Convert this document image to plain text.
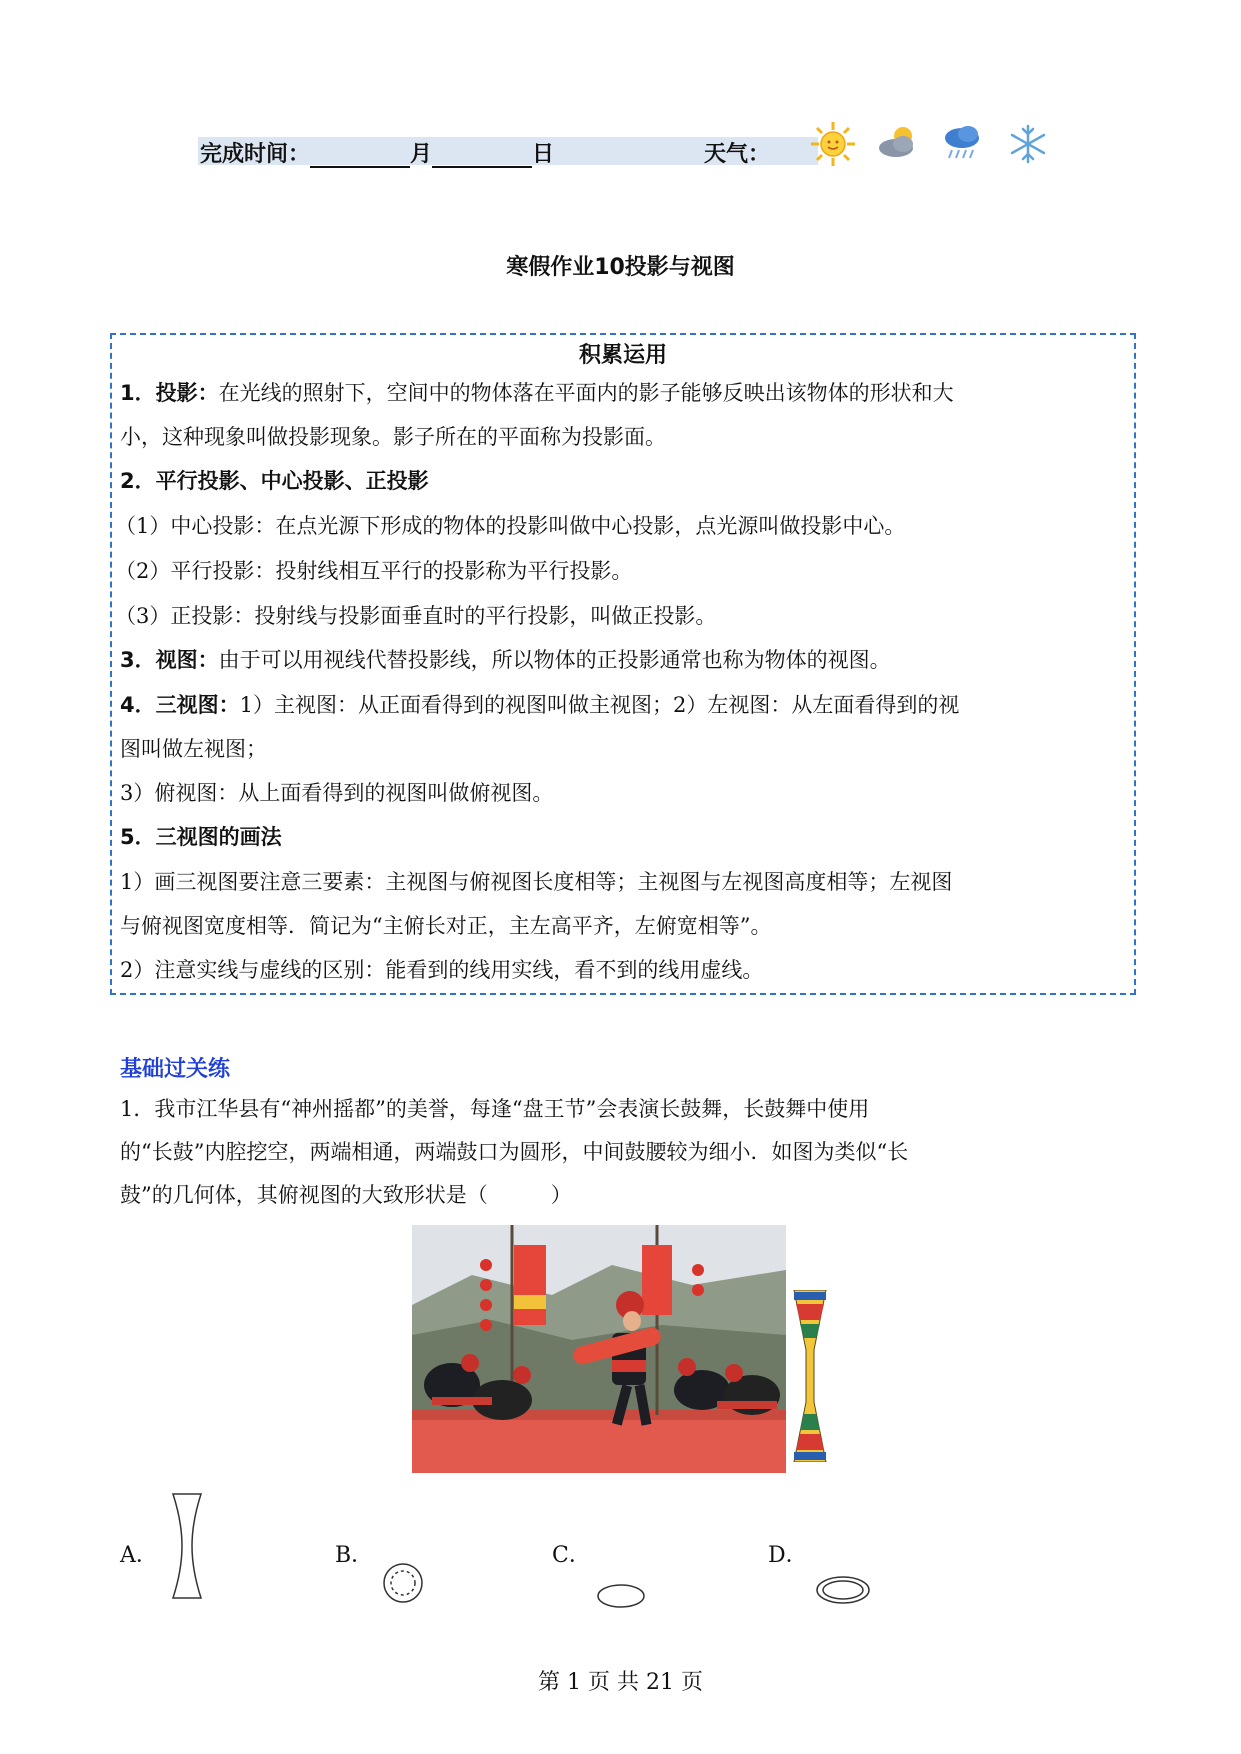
完成时间：	月	日	天气：
寒假作业10投影与视图
积累运用
1．投影：在光线的照射下，空间中的物体落在平面内的影子能够反映出该物体的形状和大
小，这种现象叫做投影现象。影子所在的平面称为投影面。
2．平行投影、中心投影、正投影
（1）中心投影：在点光源下形成的物体的投影叫做中心投影，点光源叫做投影中心。
（2）平行投影：投射线相互平行的投影称为平行投影。
（3）正投影：投射线与投影面垂直时的平行投影，叫做正投影。
3．视图：由于可以用视线代替投影线，所以物体的正投影通常也称为物体的视图。
4．三视图：1）主视图：从正面看得到的视图叫做主视图；2）左视图：从左面看得到的视
图叫做左视图；
3）俯视图：从上面看得到的视图叫做俯视图。
5．三视图的画法
1）画三视图要注意三要素：主视图与俯视图长度相等；主视图与左视图高度相等；左视图
与俯视图宽度相等．简记为“主俯长对正，主左高平齐，左俯宽相等”。
2）注意实线与虚线的区别：能看到的线用实线，看不到的线用虚线。
基础过关练
1．我市江华县有“神州摇都”的美誉，每逢“盘王节”会表演长鼓舞，长鼓舞中使用
的“长鼓”内腔挖空，两端相通，两端鼓口为圆形，中间鼓腰较为细小．如图为类似“长
鼓”的几何体，其俯视图的大致形状是（　　　）
A．	B．	C．	D．
第 1 页 共 21 页
